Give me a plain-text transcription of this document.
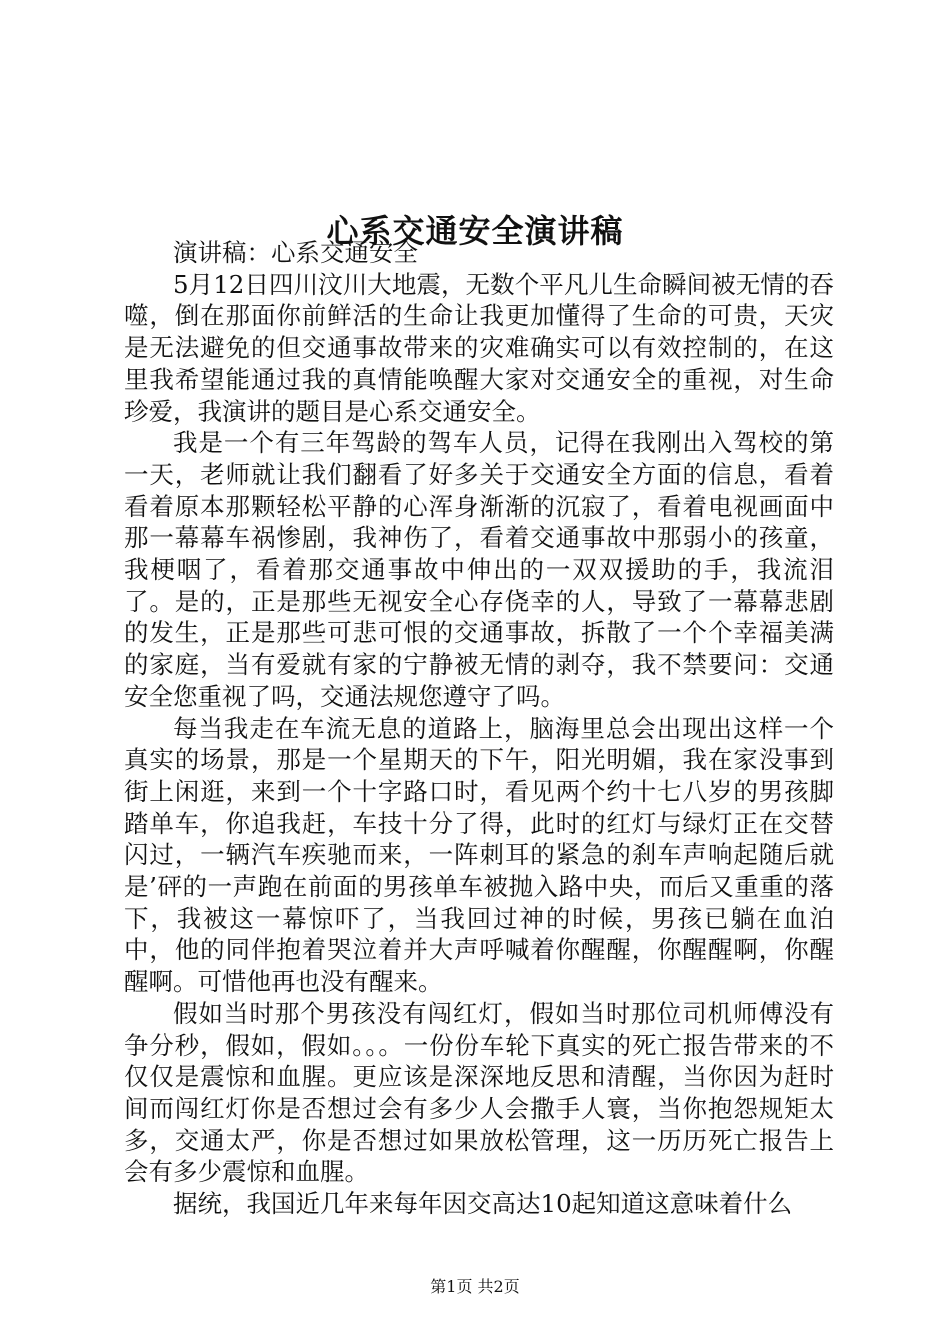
心系交通安全演讲稿

演讲稿：心系交通安全

5月12日四川汶川大地震，无数个平凡儿生命瞬间被无情的吞噬，倒在那面你前鲜活的生命让我更加懂得了生命的可贵，天灾是无法避免的但交通事故带来的灾难确实可以有效控制的，在这里我希望能通过我的真情能唤醒大家对交通安全的重视，对生命珍爱，我演讲的题目是心系交通安全。

我是一个有三年驾龄的驾车人员，记得在我刚出入驾校的第一天，老师就让我们翻看了好多关于交通安全方面的信息，看着看着原本那颗轻松平静的心浑身渐渐的沉寂了，看着电视画面中那一幕幕车祸惨剧，我神伤了，看着交通事故中那弱小的孩童，我梗咽了，看着那交通事故中伸出的一双双援助的手，我流泪了。是的，正是那些无视安全心存侥幸的人，导致了一幕幕悲剧的发生，正是那些可悲可恨的交通事故，拆散了一个个幸福美满的家庭，当有爱就有家的宁静被无情的剥夺，我不禁要问：交通安全您重视了吗，交通法规您遵守了吗。

每当我走在车流无息的道路上，脑海里总会出现出这样一个真实的场景，那是一个星期天的下午，阳光明媚，我在家没事到街上闲逛，来到一个十字路口时，看见两个约十七八岁的男孩脚踏单车，你追我赶，车技十分了得，此时的红灯与绿灯正在交替闪过，一辆汽车疾驰而来，一阵刺耳的紧急的刹车声响起随后就是’砰的一声跑在前面的男孩单车被抛入路中央，而后又重重的落下，我被这一幕惊吓了，当我回过神的时候，男孩已躺在血泊中，他的同伴抱着哭泣着并大声呼喊着你醒醒，你醒醒啊，你醒醒啊。可惜他再也没有醒来。

假如当时那个男孩没有闯红灯，假如当时那位司机师傅没有争分秒，假如，假如。。。一份份车轮下真实的死亡报告带来的不仅仅是震惊和血腥。更应该是深深地反思和清醒，当你因为赶时间而闯红灯你是否想过会有多少人会撒手人寰，当你抱怨规矩太多，交通太严，你是否想过如果放松管理，这一历历死亡报告上会有多少震惊和血腥。

据统，我国近几年来每年因交高达10起知道这意味着什么

第1页 共2页
